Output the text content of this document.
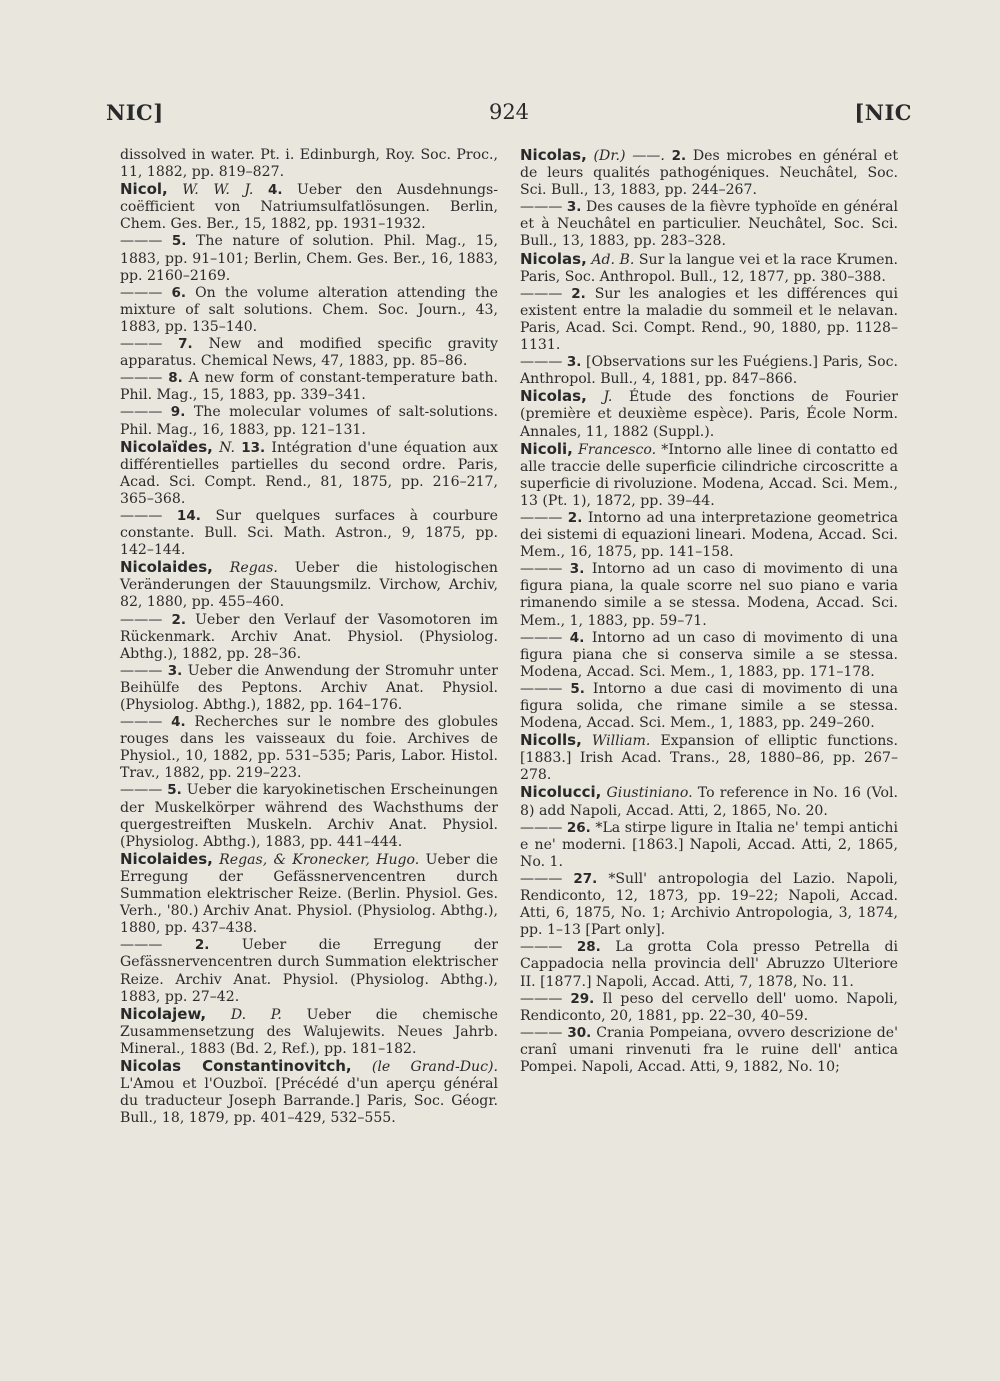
NIC]	924	[NIC

dissolved in water. Pt. i. Edinburgh, Roy. Soc. Proc., 11, 1882, pp. 819–827.

Nicol, W. W. J. 4. Ueber den Ausdehnungs-coëfficient von Natriumsulfatlösungen. Berlin, Chem. Ges. Ber., 15, 1882, pp. 1931–1932.

——— 5. The nature of solution. Phil. Mag., 15, 1883, pp. 91–101; Berlin, Chem. Ges. Ber., 16, 1883, pp. 2160–2169.

——— 6. On the volume alteration attending the mixture of salt solutions. Chem. Soc. Journ., 43, 1883, pp. 135–140.

——— 7. New and modified specific gravity apparatus. Chemical News, 47, 1883, pp. 85–86.

——— 8. A new form of constant-temperature bath. Phil. Mag., 15, 1883, pp. 339–341.

——— 9. The molecular volumes of salt-solutions. Phil. Mag., 16, 1883, pp. 121–131.

Nicolaïdes, N. 13. Intégration d'une équation aux différentielles partielles du second ordre. Paris, Acad. Sci. Compt. Rend., 81, 1875, pp. 216–217, 365–368.

——— 14. Sur quelques surfaces à courbure constante. Bull. Sci. Math. Astron., 9, 1875, pp. 142–144.

Nicolaides, Regas. Ueber die histologischen Veränderungen der Stauungsmilz. Virchow, Archiv, 82, 1880, pp. 455–460.

——— 2. Ueber den Verlauf der Vasomotoren im Rückenmark. Archiv Anat. Physiol. (Physiolog. Abthg.), 1882, pp. 28–36.

——— 3. Ueber die Anwendung der Stromuhr unter Beihülfe des Peptons. Archiv Anat. Physiol. (Physiolog. Abthg.), 1882, pp. 164–176.

——— 4. Recherches sur le nombre des globules rouges dans les vaisseaux du foie. Archives de Physiol., 10, 1882, pp. 531–535; Paris, Labor. Histol. Trav., 1882, pp. 219–223.

——— 5. Ueber die karyokinetischen Erscheinungen der Muskelkörper während des Wachsthums der quergestreiften Muskeln. Archiv Anat. Physiol. (Physiolog. Abthg.), 1883, pp. 441–444.

Nicolaides, Regas, & Kronecker, Hugo. Ueber die Erregung der Gefässnervencentren durch Summation elektrischer Reize. (Berlin. Physiol. Ges. Verh., '80.) Archiv Anat. Physiol. (Physiolog. Abthg.), 1880, pp. 437–438.

——— 2. Ueber die Erregung der Gefässnervencentren durch Summation elektrischer Reize. Archiv Anat. Physiol. (Physiolog. Abthg.), 1883, pp. 27–42.

Nicolajew, D. P. Ueber die chemische Zusammensetzung des Walujewits. Neues Jahrb. Mineral., 1883 (Bd. 2, Ref.), pp. 181–182.

Nicolas Constantinovitch, (le Grand-Duc). L'Amou et l'Ouzboï. [Précédé d'un aperçu général du traducteur Joseph Barrande.] Paris, Soc. Géogr. Bull., 18, 1879, pp. 401–429, 532–555.

Nicolas, (Dr.) ——. 2. Des microbes en général et de leurs qualités pathogéniques. Neuchâtel, Soc. Sci. Bull., 13, 1883, pp. 244–267.

——— 3. Des causes de la fièvre typhoïde en général et à Neuchâtel en particulier. Neuchâtel, Soc. Sci. Bull., 13, 1883, pp. 283–328.

Nicolas, Ad. B. Sur la langue vei et la race Krumen. Paris, Soc. Anthropol. Bull., 12, 1877, pp. 380–388.

——— 2. Sur les analogies et les différences qui existent entre la maladie du sommeil et le nelavan. Paris, Acad. Sci. Compt. Rend., 90, 1880, pp. 1128–1131.

——— 3. [Observations sur les Fuégiens.] Paris, Soc. Anthropol. Bull., 4, 1881, pp. 847–866.

Nicolas, J. Étude des fonctions de Fourier (première et deuxième espèce). Paris, École Norm. Annales, 11, 1882 (Suppl.).

Nicoli, Francesco. *Intorno alle linee di contatto ed alle traccie delle superficie cilindriche circoscritte a superficie di rivoluzione. Modena, Accad. Sci. Mem., 13 (Pt. 1), 1872, pp. 39–44.

——— 2. Intorno ad una interpretazione geometrica dei sistemi di equazioni lineari. Modena, Accad. Sci. Mem., 16, 1875, pp. 141–158.

——— 3. Intorno ad un caso di movimento di una figura piana, la quale scorre nel suo piano e varia rimanendo simile a se stessa. Modena, Accad. Sci. Mem., 1, 1883, pp. 59–71.

——— 4. Intorno ad un caso di movimento di una figura piana che si conserva simile a se stessa. Modena, Accad. Sci. Mem., 1, 1883, pp. 171–178.

——— 5. Intorno a due casi di movimento di una figura solida, che rimane simile a se stessa. Modena, Accad. Sci. Mem., 1, 1883, pp. 249–260.

Nicolls, William. Expansion of elliptic functions. [1883.] Irish Acad. Trans., 28, 1880–86, pp. 267–278.

Nicolucci, Giustiniano. To reference in No. 16 (Vol. 8) add Napoli, Accad. Atti, 2, 1865, No. 20.

——— 26. *La stirpe ligure in Italia ne' tempi antichi e ne' moderni. [1863.] Napoli, Accad. Atti, 2, 1865, No. 1.

——— 27. *Sull' antropologia del Lazio. Napoli, Rendiconto, 12, 1873, pp. 19–22; Napoli, Accad. Atti, 6, 1875, No. 1; Archivio Antropologia, 3, 1874, pp. 1–13 [Part only].

——— 28. La grotta Cola presso Petrella di Cappadocia nella provincia dell' Abruzzo Ulteriore II. [1877.] Napoli, Accad. Atti, 7, 1878, No. 11.

——— 29. Il peso del cervello dell' uomo. Napoli, Rendiconto, 20, 1881, pp. 22–30, 40–59.

——— 30. Crania Pompeiana, ovvero descrizione de' cranî umani rinvenuti fra le ruine dell' antica Pompei. Napoli, Accad. Atti, 9, 1882, No. 10;
